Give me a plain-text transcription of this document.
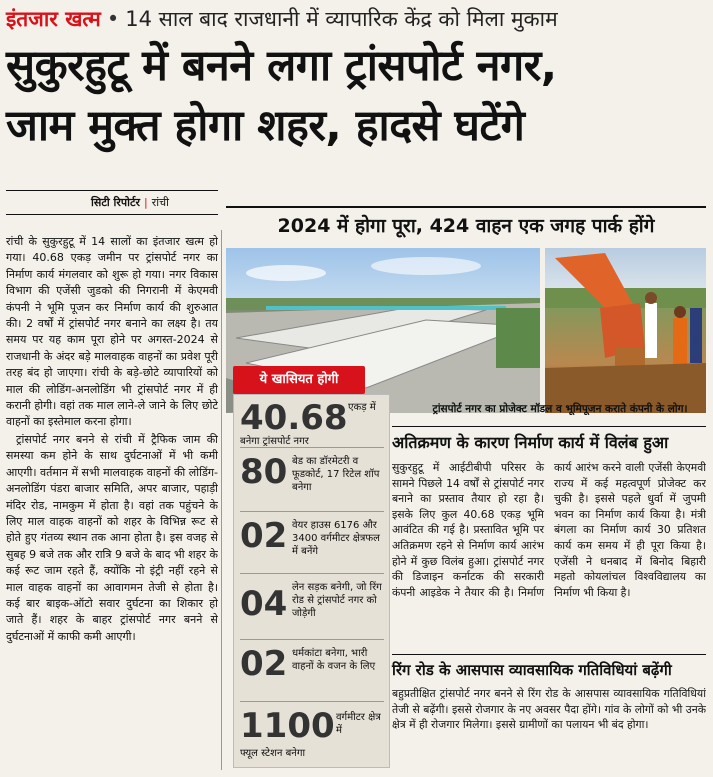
इंतजार खत्म • 14 साल बाद राजधानी में व्यापारिक केंद्र को मिला मुकाम
सुकुरहुटू में बनने लगा ट्रांसपोर्ट नगर,
जाम मुक्त होगा शहर, हादसे घटेंगे
सिटी रिपोर्टर | रांची

रांची के सुकुरहुटू में 14 सालों का इंतजार खत्म हो गया। 40.68 एकड़ जमीन पर ट्रांसपोर्ट नगर का निर्माण कार्य मंगलवार को शुरू हो गया। नगर विकास विभाग की एजेंसी जुडको की निगरानी में केएमवी कंपनी ने भूमि पूजन कर निर्माण कार्य की शुरुआत की। 2 वर्षों में ट्रांसपोर्ट नगर बनाने का लक्ष्य है। तय समय पर यह काम पूरा होने पर अगस्त-2024 से राजधानी के अंदर बड़े मालवाहक वाहनों का प्रवेश पूरी तरह बंद हो जाएगा। रांची के बड़े-छोटे व्यापारियों को माल की लोडिंग-अनलोडिंग भी ट्रांसपोर्ट नगर में ही करानी होगी। वहां तक माल लाने-ले जाने के लिए छोटे वाहनों का इस्तेमाल करना होगा।

ट्रांसपोर्ट नगर बनने से रांची में ट्रैफिक जाम की समस्या कम होने के साथ दुर्घटनाओं में भी कमी आएगी। वर्तमान में सभी मालवाहक वाहनों की लोडिंग-अनलोडिंग पंडरा बाजार समिति, अपर बाजार, पहाड़ी मंदिर रोड, नामकुम में होता है। वहां तक पहुंचने के लिए माल वाहक वाहनों को शहर के विभिन्न रूट से होते हुए गंतव्य स्थान तक आना होता है। इस वजह से सुबह 9 बजे तक और रात्रि 9 बजे के बाद भी शहर के कई रूट जाम रहते हैं, क्योंकि नो इंट्री नहीं रहने से माल वाहक वाहनों का आवागमन तेजी से होता है। कई बार बाइक-ऑटो सवार दुर्घटना का शिकार हो जाते हैं। शहर के बाहर ट्रांसपोर्ट नगर बनने से दुर्घटनाओं में काफी कमी आएगी।

2024 में होगा पूरा, 424 वाहन एक जगह पार्क होंगे
ये खासियत होगी
40.68 एकड़ में
बनेगा ट्रांसपोर्ट नगर
80 बेड का डॉरमेटरी व फूडकोर्ट, 17 रिटेल शॉप बनेगा
02 वेयर हाउस 6176 और 3400 वर्गमीटर क्षेत्रफल में बनेंगे
04 लेन सड़क बनेगी, जो रिंग रोड से ट्रांसपोर्ट नगर को जोड़ेगी
02 धर्मकांटा बनेगा, भारी वाहनों के वजन के लिए
1100 वर्गमीटर क्षेत्र में
फ्यूल स्टेशन बनेगा
ट्रांसपोर्ट नगर का प्रोजेक्ट मॉडल व भूमिपूजन कराते कंपनी के लोग।
अतिक्रमण के कारण निर्माण कार्य में विलंब हुआ
सुकुरहुटू में आईटीबीपी परिसर के सामने पिछले 14 वर्षों से ट्रांसपोर्ट नगर बनाने का प्रस्ताव तैयार हो रहा है। इसके लिए कुल 40.68 एकड़ भूमि आवंटित की गई है। प्रस्तावित भूमि पर अतिक्रमण रहने से निर्माण कार्य आरंभ होने में कुछ विलंब हुआ। ट्रांसपोर्ट नगर की डिजाइन कर्नाटक की सरकारी कंपनी आइडेक ने तैयार की है। निर्माण कार्य आरंभ करने वाली एजेंसी केएमवी राज्य में कई महत्वपूर्ण प्रोजेक्ट कर चुकी है। इससे पहले धुर्वा में जुपमी भवन का निर्माण कार्य किया है। मंत्री बंगला का निर्माण कार्य 30 प्रतिशत कार्य कम समय में ही पूरा किया है। एजेंसी ने धनबाद में बिनोद बिहारी महतो कोयलांचल विश्वविद्यालय का निर्माण भी किया है।
रिंग रोड के आसपास व्यावसायिक गतिविधियां बढ़ेंगी
बहुप्रतीक्षित ट्रांसपोर्ट नगर बनने से रिंग रोड के आसपास व्यावसायिक गतिविधियां तेजी से बढ़ेंगी। इससे रोजगार के नए अवसर पैदा होंगे। गांव के लोगों को भी उनके क्षेत्र में ही रोजगार मिलेगा। इससे ग्रामीणों का पलायन भी बंद होगा।
